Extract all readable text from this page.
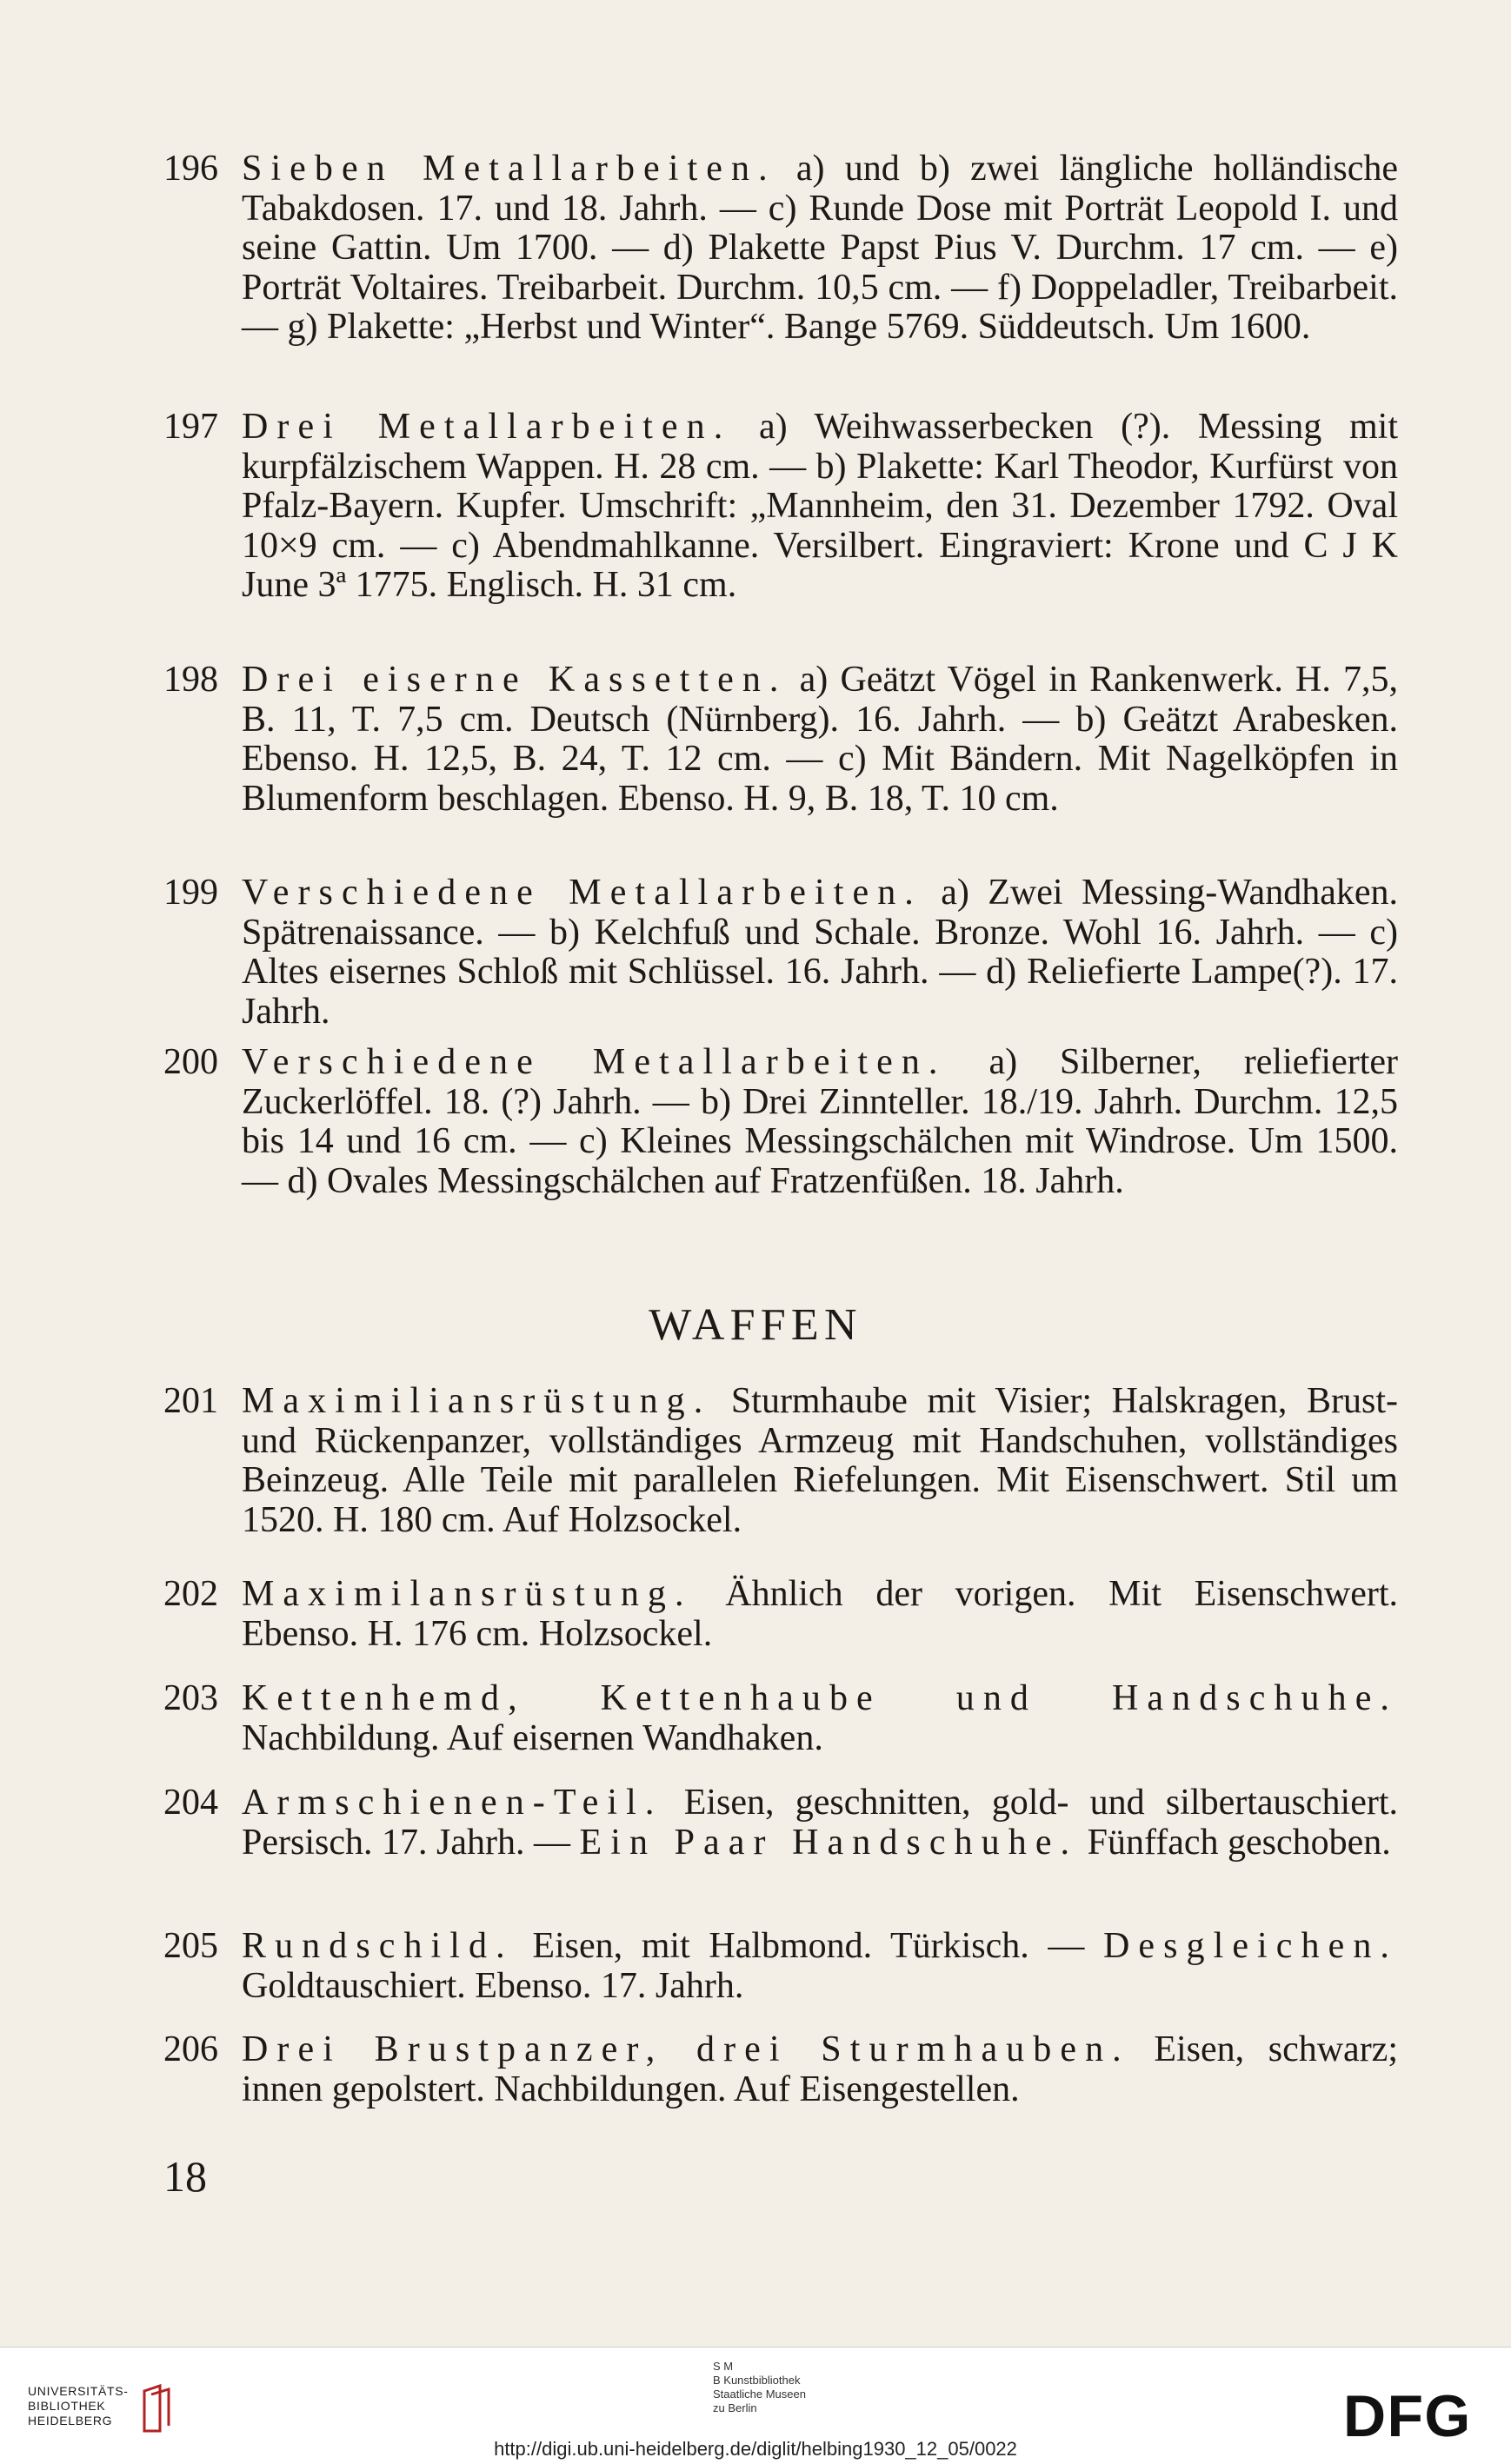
196 Sieben Metallarbeiten. a) und b) zwei längliche holländische Tabakdosen. 17. und 18. Jahrh. — c) Runde Dose mit Porträt Leopold I. und seine Gattin. Um 1700. — d) Plakette Papst Pius V. Durchm. 17 cm. — e) Porträt Voltaires. Treibarbeit. Durchm. 10,5 cm. — f) Doppeladler, Treibarbeit. — g) Plakette: „Herbst und Winter“. Bange 5769. Süddeutsch. Um 1600.
197 Drei Metallarbeiten. a) Weihwasserbecken (?). Messing mit kurpfälzischem Wappen. H. 28 cm. — b) Plakette: Karl Theodor, Kurfürst von Pfalz-Bayern. Kupfer. Umschrift: „Mannheim, den 31. Dezember 1792. Oval 10×9 cm. — c) Abendmahlkanne. Versilbert. Eingraviert: Krone und C J K June 3ª 1775. Englisch. H. 31 cm.
198 Drei eiserne Kassetten. a) Geätzt Vögel in Rankenwerk. H. 7,5, B. 11, T. 7,5 cm. Deutsch (Nürnberg). 16. Jahrh. — b) Geätzt Arabesken. Ebenso. H. 12,5, B. 24, T. 12 cm. — c) Mit Bändern. Mit Nagelköpfen in Blumenform beschlagen. Ebenso. H. 9, B. 18, T. 10 cm.
199 Verschiedene Metallarbeiten. a) Zwei Messing-Wandhaken. Spätrenaissance. — b) Kelchfuß und Schale. Bronze. Wohl 16. Jahrh. — c) Altes eisernes Schloß mit Schlüssel. 16. Jahrh. — d) Reliefierte Lampe(?). 17. Jahrh.
200 Verschiedene Metallarbeiten. a) Silberner, reliefierter Zuckerlöffel. 18. (?) Jahrh. — b) Drei Zinnteller. 18./19. Jahrh. Durchm. 12,5 bis 14 und 16 cm. — c) Kleines Messingschälchen mit Windrose. Um 1500. — d) Ovales Messingschälchen auf Fratzenfüßen. 18. Jahrh.
WAFFEN
201 Maximiliansrüstung. Sturmhaube mit Visier; Halskragen, Brust- und Rückenpanzer, vollständiges Armzeug mit Handschuhen, vollständiges Beinzeug. Alle Teile mit parallelen Riefelungen. Mit Eisenschwert. Stil um 1520. H. 180 cm. Auf Holzsockel.
202 Maximilansrüstung. Ähnlich der vorigen. Mit Eisenschwert. Ebenso. H. 176 cm. Holzsockel.
203 Kettenhemd, Kettenhaube und Handschuhe. Nachbildung. Auf eisernen Wandhaken.
204 Armschienen-Teil. Eisen, geschnitten, gold- und silbertauschiert. Persisch. 17. Jahrh. — Ein Paar Handschuhe. Fünffach geschoben.
205 Rundschild. Eisen, mit Halbmond. Türkisch. — Desgleichen. Goldtauschiert. Ebenso. 17. Jahrh.
206 Drei Brustpanzer, drei Sturmhauben. Eisen, schwarz; innen gepolstert. Nachbildungen. Auf Eisengestellen.
18
UNIVERSITÄTS-
BIBLIOTHEK
HEIDELBERG
S M
B Kunstbibliothek
Staatliche Museen
zu Berlin	DFG
http://digi.ub.uni-heidelberg.de/diglit/helbing1930_12_05/0022
